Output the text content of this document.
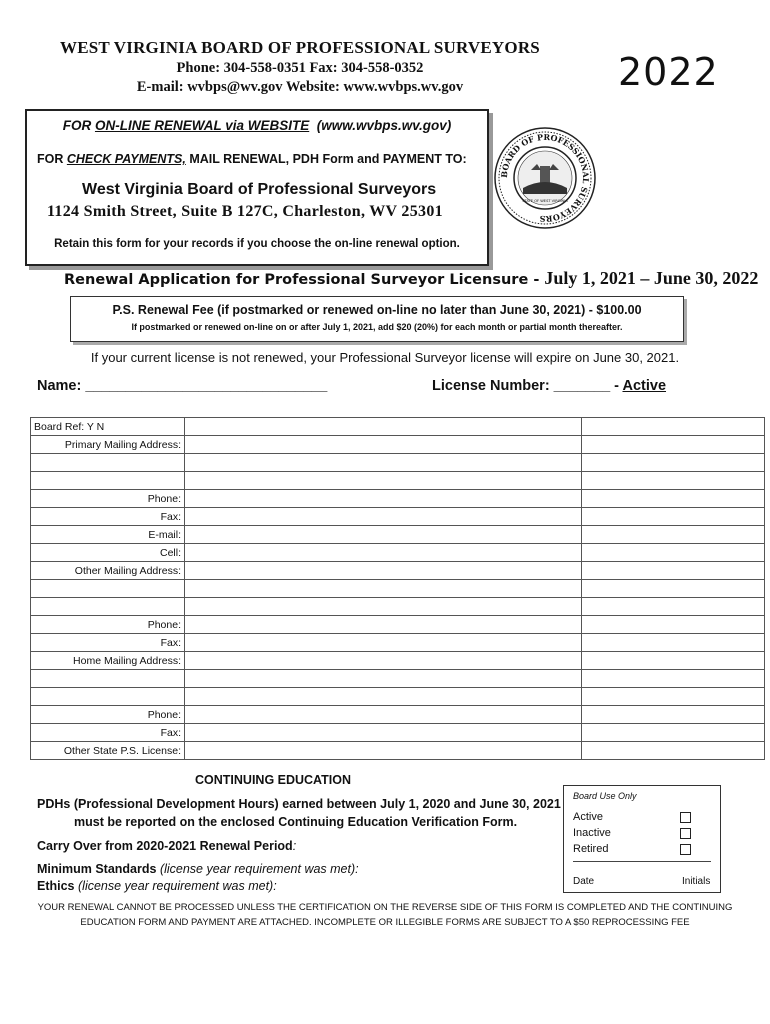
WEST VIRGINIA BOARD OF PROFESSIONAL SURVEYORS
Phone: 304-558-0351 Fax: 304-558-0352
E-mail: wvbps@wv.gov Website: www.wvbps.wv.gov	2022
FOR ON-LINE RENEWAL via WEBSITE (www.wvbps.wv.gov)
FOR CHECK PAYMENTS, MAIL RENEWAL, PDH Form and PAYMENT TO:
West Virginia Board of Professional Surveyors
1124 Smith Street, Suite B 127C, Charleston, WV 25301
Retain this form for your records if you choose the on-line renewal option.
BOARD OF PROFESSIONAL SURVEYORS
STATE OF WEST VIRGINIA
Renewal Application for Professional Surveyor Licensure - July 1, 2021 – June 30, 2022
P.S. Renewal Fee (if postmarked or renewed on-line no later than June 30, 2021) - $100.00
If postmarked or renewed on-line on or after July 1, 2021, add $20 (20%) for each month or partial month thereafter.
If your current license is not renewed, your Professional Surveyor license will expire on June 30, 2021.
Name: ______________________________	License Number: _______ - Active
Board Ref: Y N		
Primary Mailing Address:		

Phone:		
Fax:		
E-mail:		
Cell:		
Other Mailing Address:		

Phone:		
Fax:		
Home Mailing Address:		

Phone:		
Fax:		
Other State P.S. License:		
CONTINUING EDUCATION
PDHs (Professional Development Hours) earned between July 1, 2020 and June 30, 2021
must be reported on the enclosed Continuing Education Verification Form.
Carry Over from 2020-2021 Renewal Period:
Minimum Standards (license year requirement was met):
Ethics (license year requirement was met):
Board Use Only
Active
Inactive
Retired
Date	Initials
YOUR RENEWAL CANNOT BE PROCESSED UNLESS THE CERTIFICATION ON THE REVERSE SIDE OF THIS FORM IS COMPLETED AND THE CONTINUING
EDUCATION FORM AND PAYMENT ARE ATTACHED. INCOMPLETE OR ILLEGIBLE FORMS ARE SUBJECT TO A $50 REPROCESSING FEE
